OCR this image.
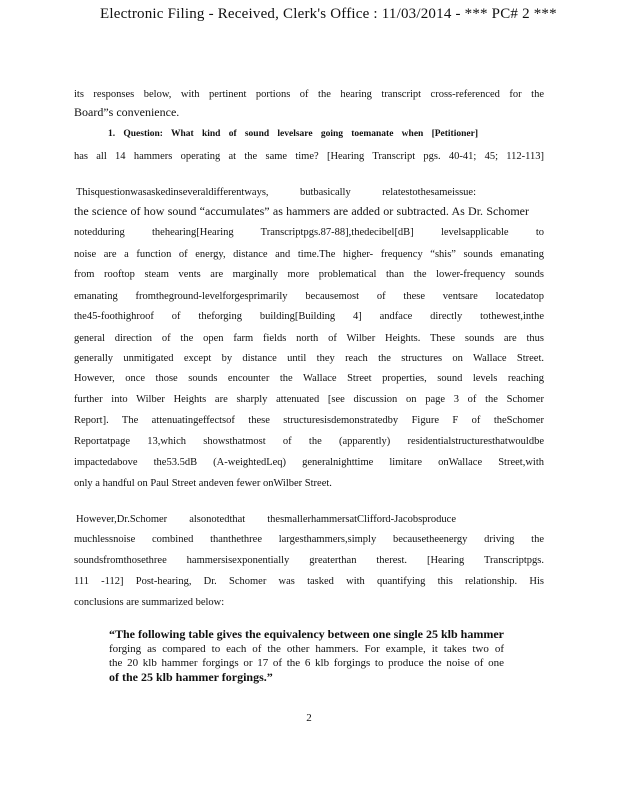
Electronic Filing - Received, Clerk's Office : 11/03/2014 - *** PC# 2 ***
its responses below, with pertinent portions of the hearing transcript cross-referenced for the
Board”s convenience.
1. Question: What kind of sound levelsare going toemanate when [Petitioner]
has all 14 hammers operating at the same time? [Hearing Transcript pgs. 40-41; 45; 112-113]
Thisquestionwasaskedinseveraldifferentways, butbasically relatestothesameissue:
the science of how sound “accumulates” as hammers are added or subtracted. As Dr. Schomer
notedduring thehearing[Hearing Transcriptpgs.87-88],thedecibel[dB] levelsapplicable to
noise are a function of energy, distance and time.The higher- frequency “shis” sounds emanating
from rooftop steam vents are marginally more problematical than the lower-frequency sounds
emanating fromtheground-levelforgesprimarily becausemost of these ventsare locatedatop
the45-foothighroof of theforging building[Building 4] andface directly tothewest,inthe
general direction of the open farm fields north of Wilber Heights. These sounds are thus
generally unmitigated except by distance until they reach the structures on Wallace Street.
However, once those sounds encounter the Wallace Street properties, sound levels reaching
further into Wilber Heights are sharply attenuated [see discussion on page 3 of the Schomer
Report]. The attenuatingeffectsof these structuresisdemonstratedby Figure F of theSchomer
Reportatpage 13,which showsthatmost of the (apparently) residentialstructuresthatwouldbe
impactedabove the53.5dB (A-weightedLeq) generalnighttime limitare onWallace Street,with
only a handful on Paul Street andeven fewer onWilber Street.
However,Dr.Schomer alsonotedthat thesmallerhammersatClifford-Jacobsproduce
muchlessnoise combined thanthethree largesthammers,simply becausetheenergy driving the
soundsfromthosethree hammersisexponentially greaterthan therest. [Hearing Transcriptpgs.
111 -112] Post-hearing, Dr. Schomer was tasked with quantifying this relationship. His
conclusions are summarized below:
“The following table gives the equivalency between one single 25 klb hammer
forging as compared to each of the other hammers. For example, it takes two of
the 20 klb hammer forgings or 17 of the 6 klb forgings to produce the noise of one
of the 25 klb hammer forgings.”
2
